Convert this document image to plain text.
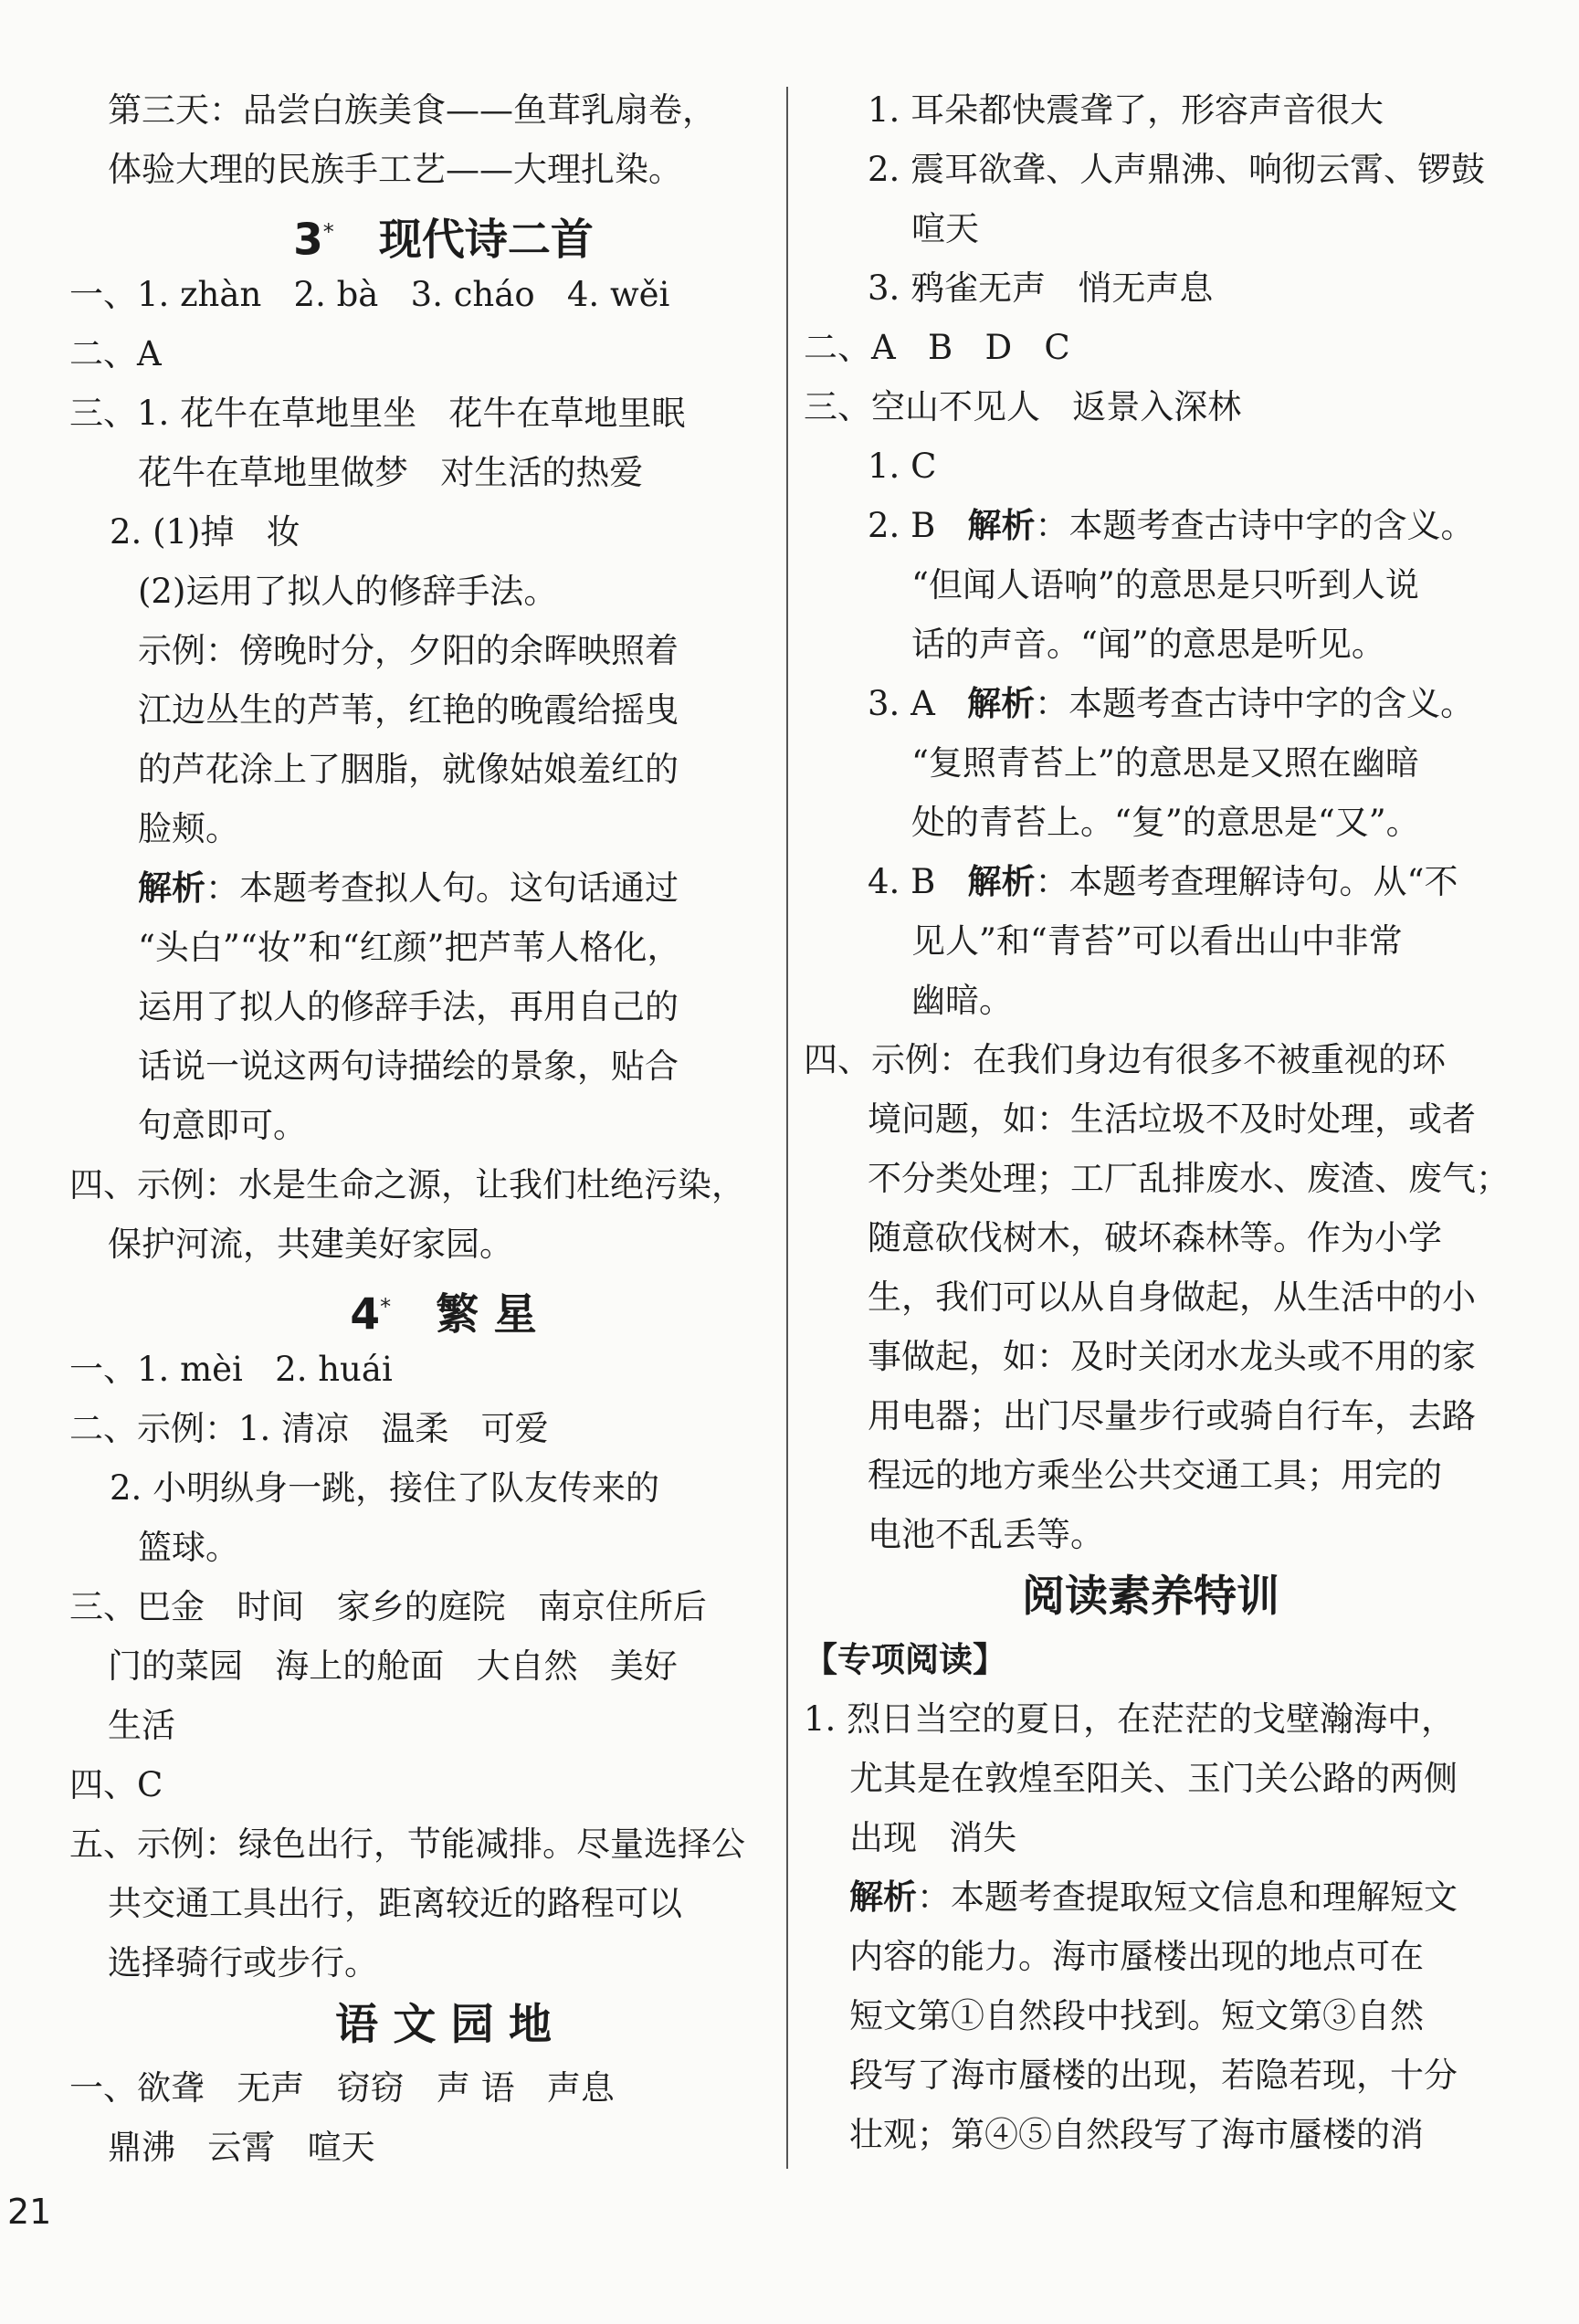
第三天：品尝白族美食——鱼茸乳扇卷，
体验大理的民族手工艺——大理扎染。
3* 现代诗二首
一、1. zhàn   2. bà   3. cháo   4. wěi
二、A
三、1. 花牛在草地里坐   花牛在草地里眠
花牛在草地里做梦   对生活的热爱
2. (1)掉   妆
(2)运用了拟人的修辞手法。
示例：傍晚时分，夕阳的余晖映照着
江边丛生的芦苇，红艳的晚霞给摇曳
的芦花涂上了胭脂，就像姑娘羞红的
脸颊。
解析：本题考查拟人句。这句话通过
“头白”“妆”和“红颜”把芦苇人格化，
运用了拟人的修辞手法，再用自己的
话说一说这两句诗描绘的景象，贴合
句意即可。
四、示例：水是生命之源，让我们杜绝污染，
保护河流，共建美好家园。
4* 繁 星
一、1. mèi   2. huái
二、示例：1. 清凉   温柔   可爱
2. 小明纵身一跳，接住了队友传来的
篮球。
三、巴金   时间   家乡的庭院   南京住所后
门的菜园   海上的舱面   大自然   美好
生活
四、C
五、示例：绿色出行，节能减排。尽量选择公
共交通工具出行，距离较近的路程可以
选择骑行或步行。
语 文 园 地
一、欲聋   无声   窃窃   声 语   声息
鼎沸   云霄   喧天
1. 耳朵都快震聋了，形容声音很大
2. 震耳欲聋、人声鼎沸、响彻云霄、锣鼓
喧天
3. 鸦雀无声   悄无声息
二、A   B   D   C
三、空山不见人   返景入深林
1. C
2. B   解析：本题考查古诗中字的含义。
“但闻人语响”的意思是只听到人说
话的声音。“闻”的意思是听见。
3. A   解析：本题考查古诗中字的含义。
“复照青苔上”的意思是又照在幽暗
处的青苔上。“复”的意思是“又”。
4. B   解析：本题考查理解诗句。从“不
见人”和“青苔”可以看出山中非常
幽暗。
四、示例：在我们身边有很多不被重视的环
境问题，如：生活垃圾不及时处理，或者
不分类处理；工厂乱排废水、废渣、废气；
随意砍伐树木，破坏森林等。作为小学
生，我们可以从自身做起，从生活中的小
事做起，如：及时关闭水龙头或不用的家
用电器；出门尽量步行或骑自行车，去路
程远的地方乘坐公共交通工具；用完的
电池不乱丢等。
阅读素养特训
【专项阅读】
1. 烈日当空的夏日，在茫茫的戈壁瀚海中，
尤其是在敦煌至阳关、玉门关公路的两侧
出现   消失
解析：本题考查提取短文信息和理解短文
内容的能力。海市蜃楼出现的地点可在
短文第①自然段中找到。短文第③自然
段写了海市蜃楼的出现，若隐若现，十分
壮观；第④⑤自然段写了海市蜃楼的消
21
